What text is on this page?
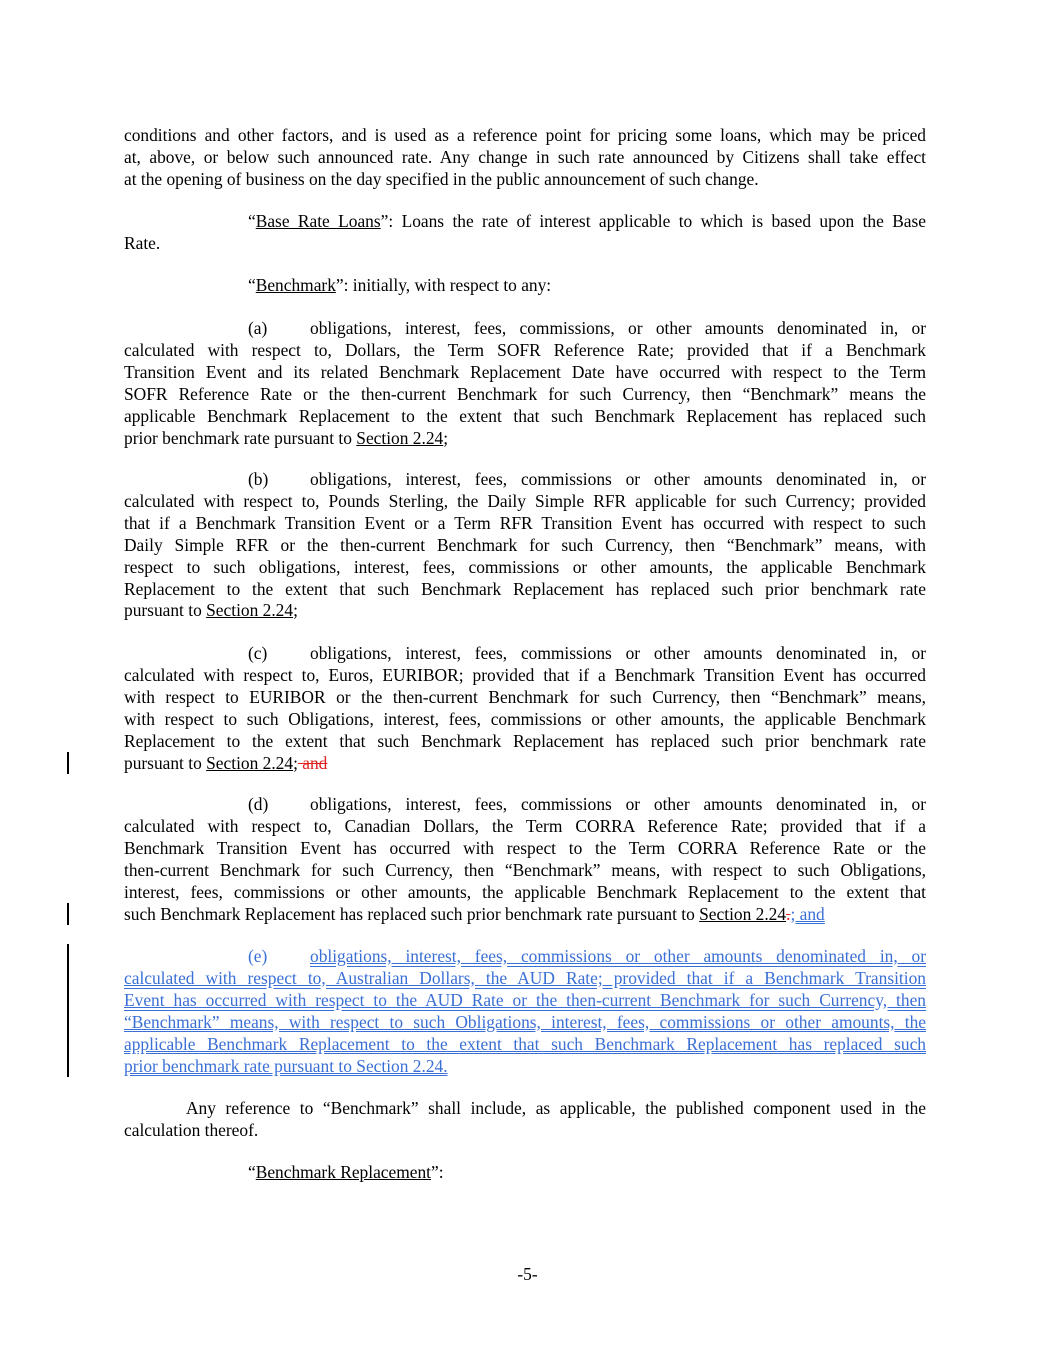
conditions and other factors, and is used as a reference point for pricing some loans, which may be priced
at, above, or below such announced rate. Any change in such rate announced by Citizens shall take effect
at the opening of business on the day specified in the public announcement of such change.
“Base Rate Loans”: Loans the rate of interest applicable to which is based upon the Base
Rate.
“Benchmark”: initially, with respect to any:
(a) obligations, interest, fees, commissions, or other amounts denominated in, or
calculated with respect to, Dollars, the Term SOFR Reference Rate; provided that if a Benchmark
Transition Event and its related Benchmark Replacement Date have occurred with respect to the Term
SOFR Reference Rate or the then-current Benchmark for such Currency, then “Benchmark” means the
applicable Benchmark Replacement to the extent that such Benchmark Replacement has replaced such
prior benchmark rate pursuant to Section 2.24;
(b) obligations, interest, fees, commissions or other amounts denominated in, or
calculated with respect to, Pounds Sterling, the Daily Simple RFR applicable for such Currency; provided
that if a Benchmark Transition Event or a Term RFR Transition Event has occurred with respect to such
Daily Simple RFR or the then-current Benchmark for such Currency, then “Benchmark” means, with
respect to such obligations, interest, fees, commissions or other amounts, the applicable Benchmark
Replacement to the extent that such Benchmark Replacement has replaced such prior benchmark rate
pursuant to Section 2.24;
(c) obligations, interest, fees, commissions or other amounts denominated in, or
calculated with respect to, Euros, EURIBOR; provided that if a Benchmark Transition Event has occurred
with respect to EURIBOR or the then-current Benchmark for such Currency, then “Benchmark” means,
with respect to such Obligations, interest, fees, commissions or other amounts, the applicable Benchmark
Replacement to the extent that such Benchmark Replacement has replaced such prior benchmark rate
pursuant to Section 2.24; and
(d) obligations, interest, fees, commissions or other amounts denominated in, or
calculated with respect to, Canadian Dollars, the Term CORRA Reference Rate; provided that if a
Benchmark Transition Event has occurred with respect to the Term CORRA Reference Rate or the
then-current Benchmark for such Currency, then “Benchmark” means, with respect to such Obligations,
interest, fees, commissions or other amounts, the applicable Benchmark Replacement to the extent that
such Benchmark Replacement has replaced such prior benchmark rate pursuant to Section 2.24.; and
(e) obligations, interest, fees, commissions or other amounts denominated in, or
calculated with respect to, Australian Dollars, the AUD Rate; provided that if a Benchmark Transition
Event has occurred with respect to the AUD Rate or the then-current Benchmark for such Currency, then
“Benchmark” means, with respect to such Obligations, interest, fees, commissions or other amounts, the
applicable Benchmark Replacement to the extent that such Benchmark Replacement has replaced such
prior benchmark rate pursuant to Section 2.24.
Any reference to “Benchmark” shall include, as applicable, the published component used in the
calculation thereof.
“Benchmark Replacement”:
-5-
